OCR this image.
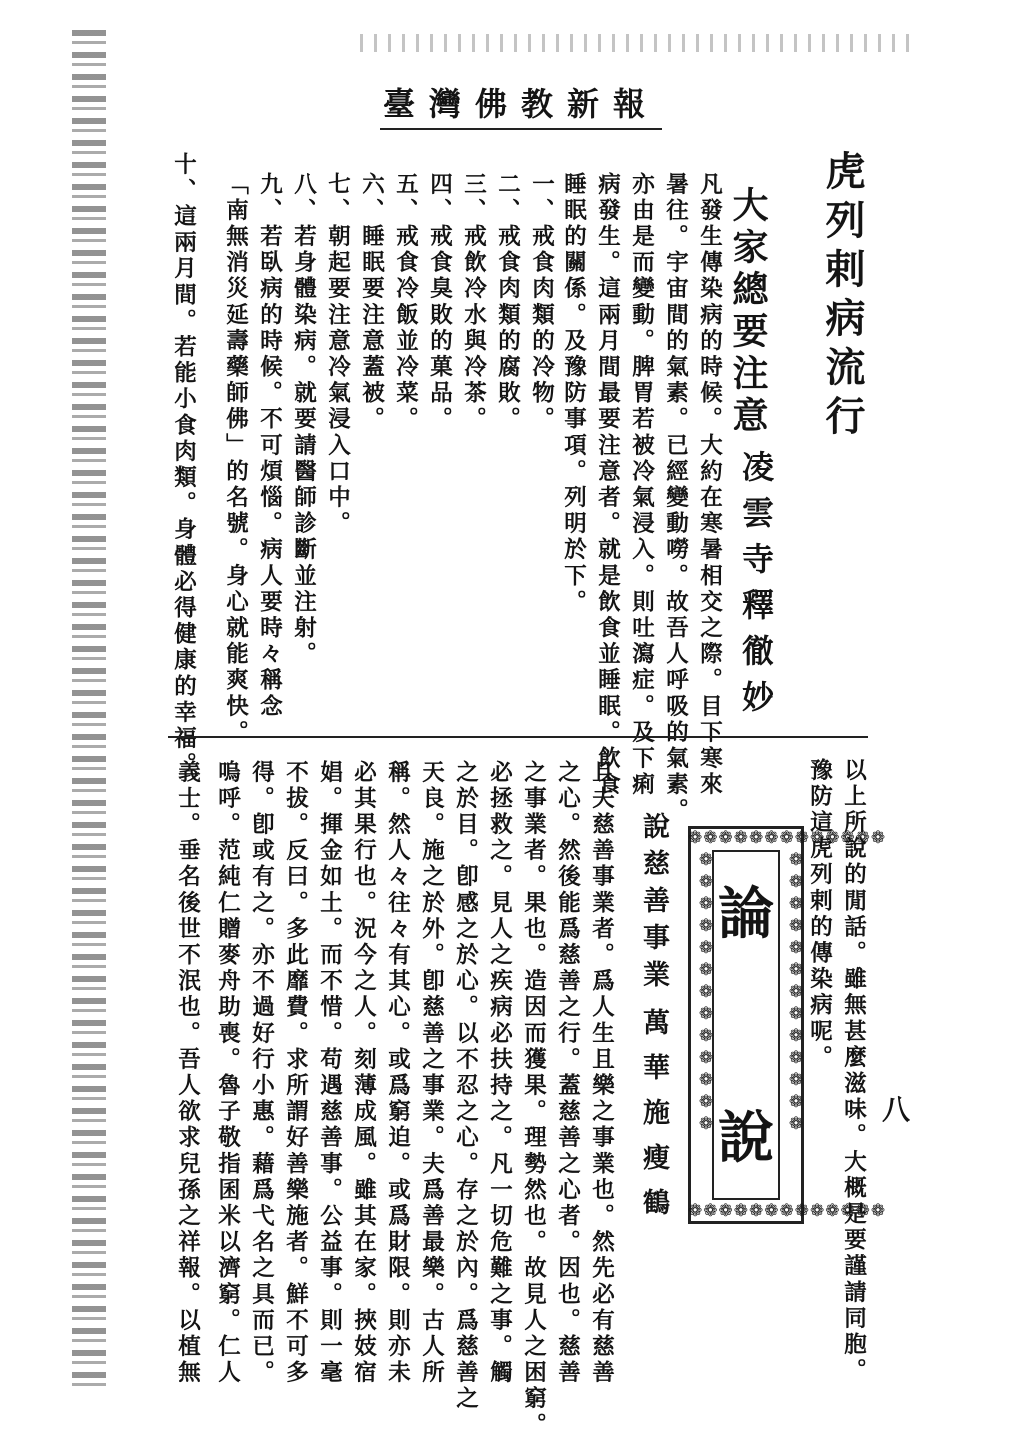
臺灣佛教新報
虎列剌病流行
大家總要注意
凌雲寺釋徹妙
凡發生傳染病的時候。大約在寒暑相交之際。目下寒來
暑往。宇宙間的氣素。已經變動嘮。故吾人呼吸的氣素。
亦由是而變動。脾胃若被冷氣浸入。則吐瀉症。及下痢
病發生。這兩月間最要注意者。就是飲食並睡眠。飲食
睡眠的關係。及豫防事項。列明於下。
一、戒食肉類的冷物。
二、戒食肉類的腐敗。
三、戒飲冷水與冷茶。
四、戒食臭敗的菓品。
五、戒食冷飯並冷菜。
六、睡眠要注意蓋被。
七、朝起要注意冷氣浸入口中。
八、若身體染病。就要請醫師診斷並注射。
九、若臥病的時候。不可煩惱。病人要時々稱念
「南無消災延壽藥師佛」的名號。身心就能爽快。
十、這兩月間。若能小食肉類。身體必得健康的幸福。
以上所說的閒話。雖無甚麼滋味。大概是要謹請同胞。
豫防這虎列剌的傳染病呢。
❁❁❁❁❁❁❁❁❁❁❁❁❁
❁❁❁❁❁❁❁❁❁❁❁❁❁
❁❁❁❁❁❁❁❁❁❁❁❁❁
❁❁❁❁❁❁❁❁❁❁❁❁❁ 論
說	八
說慈善事業
萬華施瘦鶴
且夫慈善事業者。爲人生且樂之事業也。然先必有慈善
之心。然後能爲慈善之行。蓋慈善之心者。因也。慈善
之事業者。果也。造因而獲果。理勢然也。故見人之困窮。
必拯救之。見人之疾病必扶持之。凡一切危難之事。觸
之於目。卽感之於心。以不忍之心。存之於內。爲慈善之
天良。施之於外。卽慈善之事業。夫爲善最樂。古人所
稱。然人々往々有其心。或爲窮迫。或爲財限。則亦未
必其果行也。況今之人。刻薄成風。雖其在家。挾妓宿
娼。揮金如土。而不惜。苟遇慈善事。公益事。則一毫
不拔。反曰。多此靡費。求所謂好善樂施者。鮮不可多
得。卽或有之。亦不過好行小惠。藉爲弋名之具而已。
嗚呼。范純仁贈麥舟助喪。魯子敬指囷米以濟窮。仁人
義士。垂名後世不泯也。吾人欲求兒孫之祥報。以植無
